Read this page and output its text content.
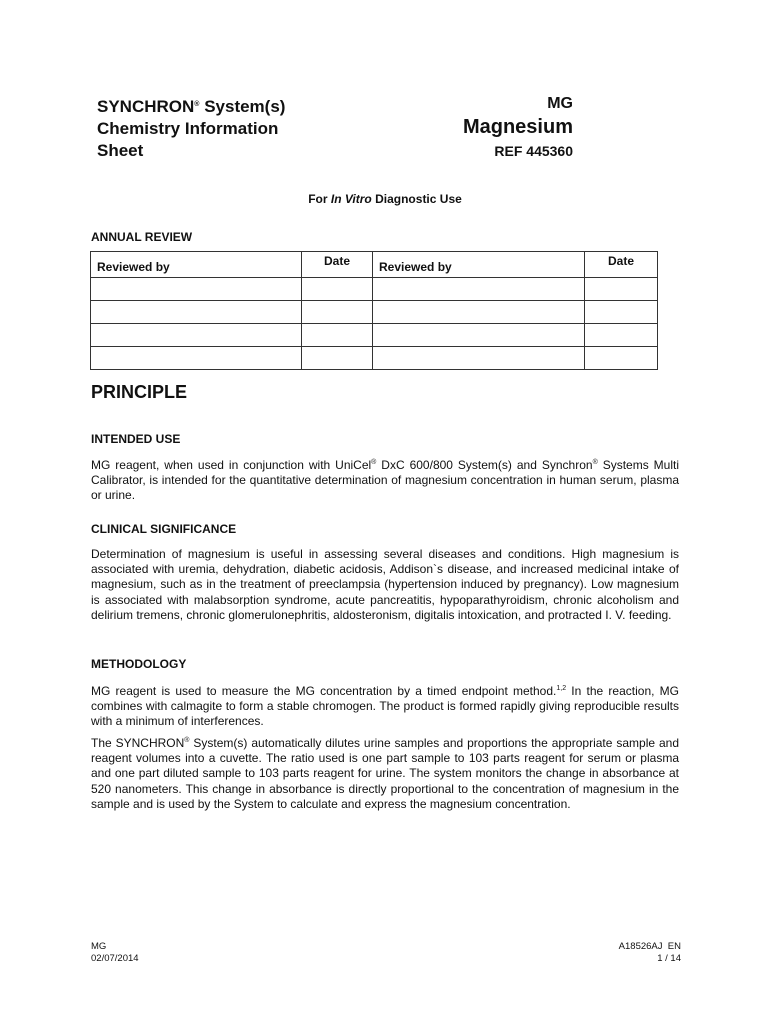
SYNCHRON® System(s)
Chemistry Information
Sheet
MG
Magnesium
REF 445360
For In Vitro Diagnostic Use
ANNUAL REVIEW
Reviewed by	Date	Reviewed by	Date

PRINCIPLE
INTENDED USE
MG reagent, when used in conjunction with UniCel® DxC 600/800 System(s) and Synchron® Systems Multi Calibrator, is intended for the quantitative determination of magnesium concentration in human serum, plasma or urine.
CLINICAL SIGNIFICANCE
Determination of magnesium is useful in assessing several diseases and conditions. High magnesium is associated with uremia, dehydration, diabetic acidosis, Addison`s disease, and increased medicinal intake of magnesium, such as in the treatment of preeclampsia (hypertension induced by pregnancy). Low magnesium is associated with malabsorption syndrome, acute pancreatitis, hypoparathyroidism, chronic alcoholism and delirium tremens, chronic glomerulonephritis, aldosteronism, digitalis intoxication, and protracted I. V. feeding.
METHODOLOGY
MG reagent is used to measure the MG concentration by a timed endpoint method.$^{1,2}$ In the reaction, MG combines with calmagite to form a stable chromogen. The product is formed rapidly giving reproducible results with a minimum of interferences.
The SYNCHRON® System(s) automatically dilutes urine samples and proportions the appropriate sample and reagent volumes into a cuvette. The ratio used is one part sample to 103 parts reagent for serum or plasma and one part diluted sample to 103 parts reagent for urine. The system monitors the change in absorbance at 520 nanometers. This change in absorbance is directly proportional to the concentration of magnesium in the sample and is used by the System to calculate and express the magnesium concentration.
MG
02/07/2014
A18526AJ EN
1 / 14
